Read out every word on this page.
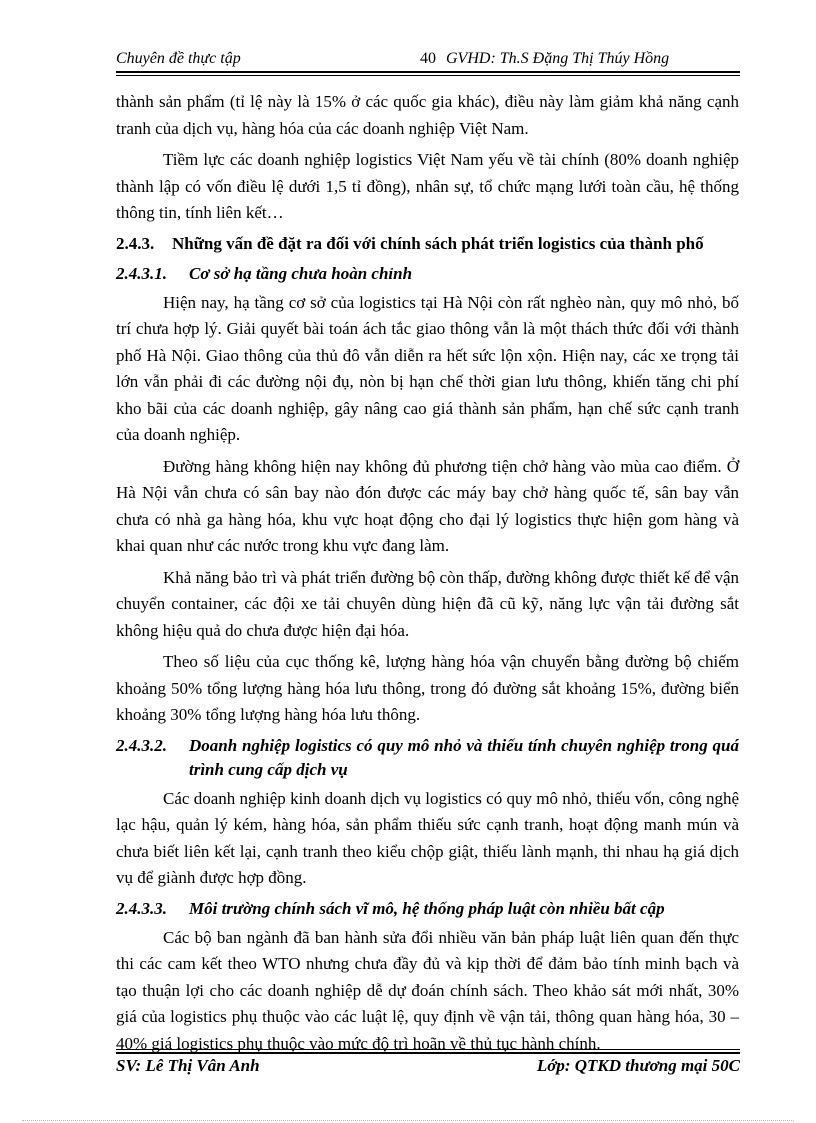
Chuyên đề thực tập	40 GVHD: Th.S Đặng Thị Thúy Hồng

thành sản phẩm (tỉ lệ này là 15% ở các quốc gia khác), điều này làm giảm khả năng cạnh tranh của dịch vụ, hàng hóa của các doanh nghiệp Việt Nam.

Tiềm lực các doanh nghiệp logistics Việt Nam yếu về tài chính (80% doanh nghiệp thành lập có vốn điều lệ dưới 1,5 tỉ đồng), nhân sự, tổ chức mạng lưới toàn cầu, hệ thống thông tin, tính liên kết…

2.4.3.	Những vấn đề đặt ra đối với chính sách phát triển logistics của thành phố
2.4.3.1.	Cơ sở hạ tầng chưa hoàn chỉnh

Hiện nay, hạ tầng cơ sở của logistics tại Hà Nội còn rất nghèo nàn, quy mô nhỏ, bố trí chưa hợp lý. Giải quyết bài toán ách tắc giao thông vẫn là một thách thức đối với thành phố Hà Nội. Giao thông của thủ đô vẫn diễn ra hết sức lộn xộn. Hiện nay, các xe trọng tải lớn vẫn phải đi các đường nội đụ, nòn bị hạn chế thời gian lưu thông, khiến tăng chi phí kho bãi của các doanh nghiệp, gây nâng cao giá thành sản phẩm, hạn chế sức cạnh tranh của doanh nghiệp.

Đường hàng không hiện nay không đủ phương tiện chở hàng vào mùa cao điểm. Ở Hà Nội vẫn chưa có sân bay nào đón được các máy bay chở hàng quốc tế, sân bay vẫn chưa có nhà ga hàng hóa, khu vực hoạt động cho đại lý logistics thực hiện gom hàng và khai quan như các nước trong khu vực đang làm.

Khả năng bảo trì và phát triển đường bộ còn thấp, đường không được thiết kế để vận chuyển container, các đội xe tải chuyên dùng hiện đã cũ kỹ, năng lực vận tải đường sắt không hiệu quả do chưa được hiện đại hóa.

Theo số liệu của cục thống kê, lượng hàng hóa vận chuyển bằng đường bộ chiếm khoảng 50% tổng lượng hàng hóa lưu thông, trong đó đường sắt khoảng 15%, đường biển khoảng 30% tổng lượng hàng hóa lưu thông.

2.4.3.2.	Doanh nghiệp logistics có quy mô nhỏ và thiếu tính chuyên nghiệp trong quá trình cung cấp dịch vụ

Các doanh nghiệp kinh doanh dịch vụ logistics có quy mô nhỏ, thiếu vốn, công nghệ lạc hậu, quản lý kém, hàng hóa, sản phẩm thiếu sức cạnh tranh, hoạt động manh mún và chưa biết liên kết lại, cạnh tranh theo kiểu chộp giật, thiếu lành mạnh, thi nhau hạ giá dịch vụ để giành được hợp đồng.

2.4.3.3.	Môi trường chính sách vĩ mô, hệ thống pháp luật còn nhiều bất cập

Các bộ ban ngành đã ban hành sửa đổi nhiều văn bản pháp luật liên quan đến thực thi các cam kết theo WTO nhưng chưa đầy đủ và kịp thời để đảm bảo tính minh bạch và tạo thuận lợi cho các doanh nghiệp dễ dự đoán chính sách. Theo khảo sát mới nhất, 30% giá của logistics phụ thuộc vào các luật lệ, quy định về vận tải, thông quan hàng hóa, 30 – 40% giá logistics phụ thuộc vào mức độ trì hoãn về thủ tục hành chính.

SV: Lê Thị Vân Anh	Lớp: QTKD thương mại 50C
